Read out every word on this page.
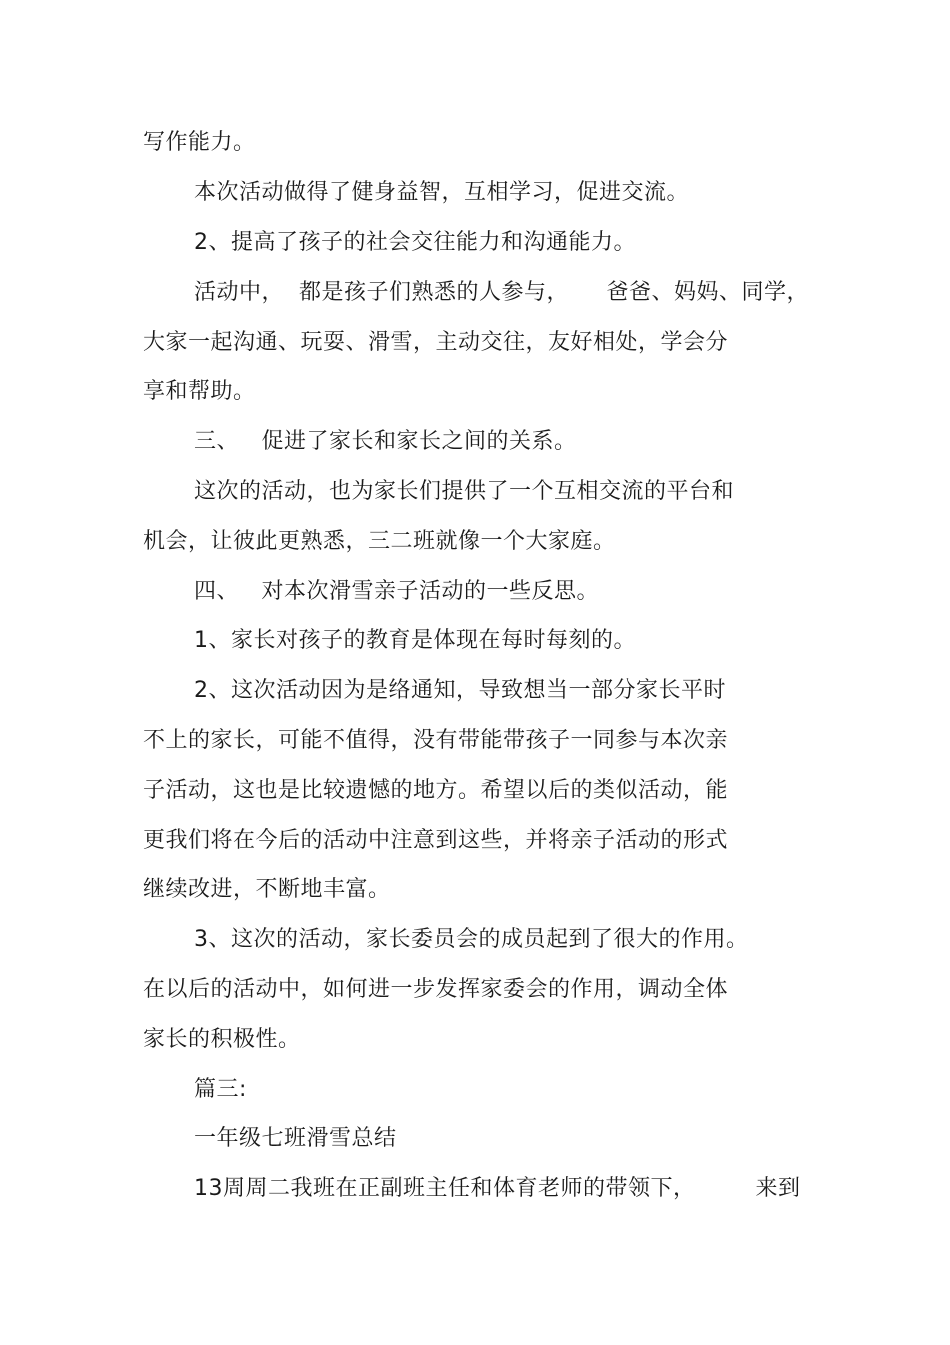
写作能力。
本次活动做得了健身益智，互相学习，促进交流。
2、提高了孩子的社会交往能力和沟通能力。
活动中，  都是孩子们熟悉的人参与，     爸爸、妈妈、同学，
大家一起沟通、玩耍、滑雪，主动交往，友好相处，学会分
享和帮助。
三、   促进了家长和家长之间的关系。
这次的活动，也为家长们提供了一个互相交流的平台和
机会，让彼此更熟悉，三二班就像一个大家庭。
四、   对本次滑雪亲子活动的一些反思。
1、家长对孩子的教育是体现在每时每刻的。
2、这次活动因为是络通知，导致想当一部分家长平时
不上的家长，可能不值得，没有带能带孩子一同参与本次亲
子活动，这也是比较遗憾的地方。希望以后的类似活动，能
更我们将在今后的活动中注意到这些，并将亲子活动的形式
继续改进，不断地丰富。
3、这次的活动，家长委员会的成员起到了很大的作用。
在以后的活动中，如何进一步发挥家委会的作用，调动全体
家长的积极性。
篇三:
一年级七班滑雪总结
13周周二我班在正副班主任和体育老师的带领下，        来到
